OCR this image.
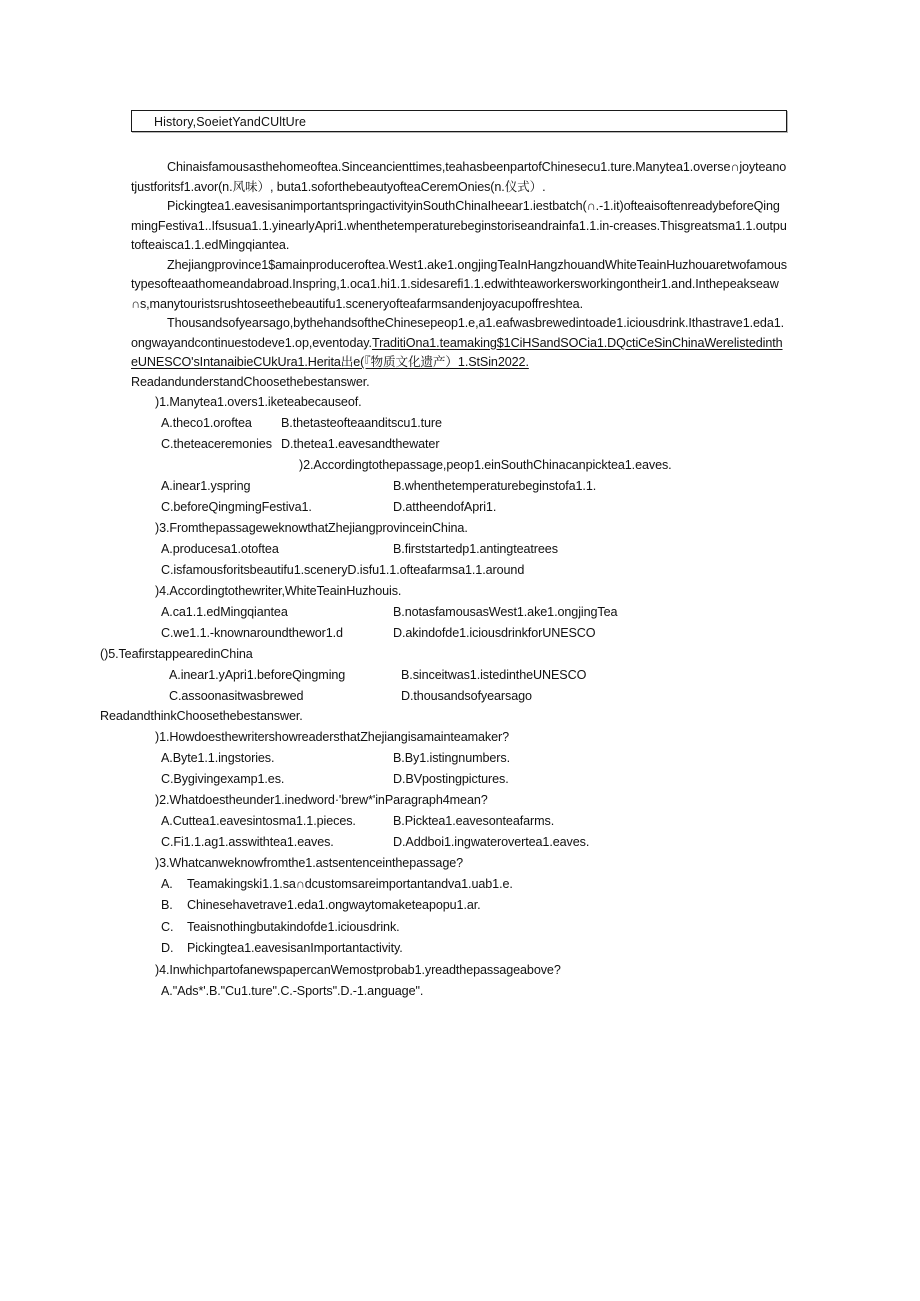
History,SoeietYandCUltUre

Chinaisfamousasthehomeoftea.Sinceancienttimes,teahasbeenpartofChinesecu1.ture.Manytea1.overse∩joyteanotjustforitsf1.avor(n.风味）, buta1.soforthebeautyofteaCeremOnies(n.仪式）.

Pickingtea1.eavesisanimportantspringactivityinSouthChinaIheear1.iestbatch(∩.-1.it)ofteaisoftenreadybeforeQingmingFestiva1..Ifsusua1.1.yinearlyApri1.whenthetemperaturebeginstoriseandrainfa1.1.in-creases.Thisgreatsma1.1.outputofteaisca1.1.edMingqiantea.

Zhejiangprovince1$amainproduceroftea.West1.ake1.ongjingTeaInHangzhouandWhiteTeainHuzhouaretwofamoustypesofteaathomeandabroad.Inspring,1.oca1.hi1.1.sidesarefi1.1.edwithteaworkersworkingontheir1.and.Inthepeakseaw∩s,manytouristsrushtoseethebeautifu1.sceneryofteafarmsandenjoyacupoffreshtea.

Thousandsofyearsago,bythehandsoftheChinesepeop1.e,a1.eafwasbrewedintoade1.iciousdrink.Ithastrave1.eda1.ongwayandcontinuestodeve1.op,eventoday.TraditiOna1.teamaking$1CiHSandSOCia1.DQctiCeSinChinaWerelistedintheUNESCO'sIntanaibieCUkUra1.Herita出e(『物质文化遗产）1.StSin2022.

ReadandunderstandChoosethebestanswer.

)1.Manytea1.overs1.iketeabecauseof.
A.theco1.oroftea	B.thetasteofteaanditscu1.ture
C.theteaceremonies D.thetea1.eavesandthewater
)2.Accordingtothepassage,peop1.einSouthChinacanpicktea1.eaves.
A.inear1.yspring	B.whenthetemperaturebeginstofa1.1.
C.beforeQingmingFestiva1.	D.attheendofApri1.
)3.FromthepassageweknowthatZhejiangprovinceinChina.
A.producesa1.otoftea	B.firststartedp1.antingteatrees
C.isfamousforitsbeautifu1.scenery D.isfu1.1.ofteafarmsa1.1.around
)4.Accordingtothewriter,WhiteTeainHuzhouis.
A.ca1.1.edMingqiantea	B.notasfamousasWest1.ake1.ongjingTea
C.we1.1.-knownaroundthewor1.d	D.akindofde1.iciousdrinkforUNESCO
()5.TeafirstappearedinChina
A.inear1.yApri1.beforeQingming	B.sinceitwas1.istedintheUNESCO
C.assoonasitwasbrewed	D.thousandsofyearsago

ReadandthinkChoosethebestanswer.

)1.HowdoesthewritershowreadersthatZhejiangisamainteamaker?
A.Byte1.1.ingstories.	B.By1.istingnumbers.
C.Bygivingexamp1.es.	D.BVpostingpictures.
)2.Whatdoestheunder1.inedword·'brew*'inParagraph4mean?
A.Cuttea1.eavesintosma1.1.pieces.	B.Picktea1.eavesonteafarms.
C.Fi1.1.ag1.asswithtea1.eaves.	D.Addboi1.ingwaterovertea1.eaves.
)3.Whatcanweknowfromthe1.astsentenceinthepassage?
A.	Teamakingski1.1.sa∩dcustomsareimportantandva1.uab1.e.
B.	Chinesehavetrave1.eda1.ongwaytomaketeapopu1.ar.
C.	Teaisnothingbutakindofde1.iciousdrink.
D.	Pickingtea1.eavesisanImportantactivity.
)4.InwhichpartofanewspapercanWemostprobab1.yreadthepassageabove?
A."Ads*'.B."Cu1.ture".C.-Sports".D.-1.anguage".
